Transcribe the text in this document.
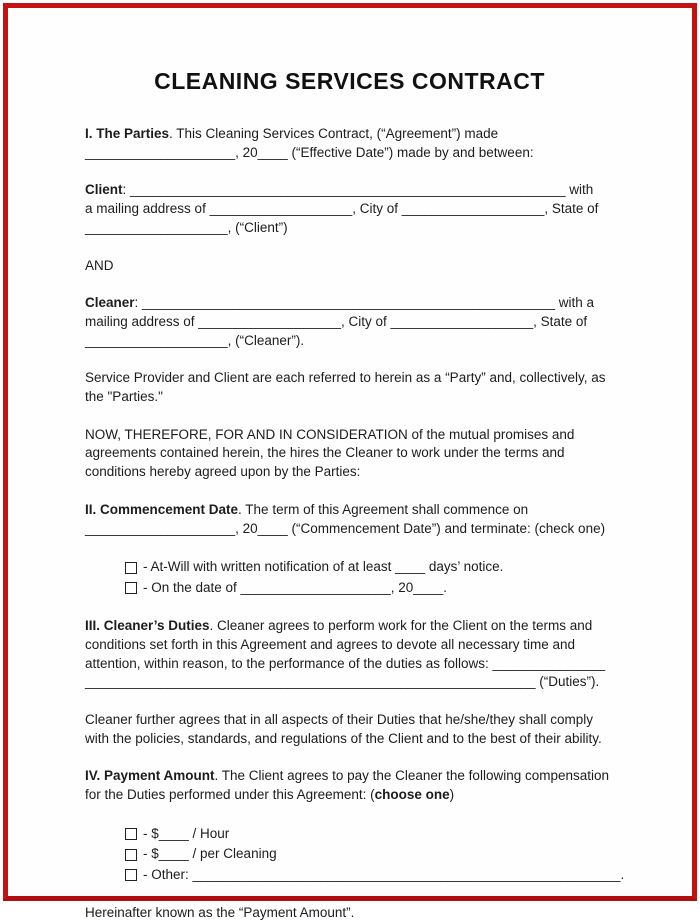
CLEANING SERVICES CONTRACT
I. The Parties. This Cleaning Services Contract, (“Agreement”) made
____________________, 20____ (“Effective Date”) made by and between:
Client: __________________________________________________________ with
a mailing address of ___________________, City of ___________________, State of
___________________, (“Client”)
AND
Cleaner: _______________________________________________________ with a
mailing address of ___________________, City of ___________________, State of
___________________, (“Cleaner”).
Service Provider and Client are each referred to herein as a “Party” and, collectively, as
the "Parties."
NOW, THEREFORE, FOR AND IN CONSIDERATION of the mutual promises and
agreements contained herein, the hires the Cleaner to work under the terms and
conditions hereby agreed upon by the Parties:
II. Commencement Date. The term of this Agreement shall commence on
____________________, 20____ (“Commencement Date”) and terminate: (check one)
- At-Will with written notification of at least ____ days’ notice.
- On the date of ____________________, 20____.
III. Cleaner’s Duties. Cleaner agrees to perform work for the Client on the terms and
conditions set forth in this Agreement and agrees to devote all necessary time and
attention, within reason, to the performance of the duties as follows: _______________
____________________________________________________________ (“Duties”).
Cleaner further agrees that in all aspects of their Duties that he/she/they shall comply
with the policies, standards, and regulations of the Client and to the best of their ability.
IV. Payment Amount. The Client agrees to pay the Cleaner the following compensation
for the Duties performed under this Agreement: (choose one)
- $____ / Hour
- $____ / per Cleaning
- Other: _________________________________________________________.
Hereinafter known as the “Payment Amount”.
